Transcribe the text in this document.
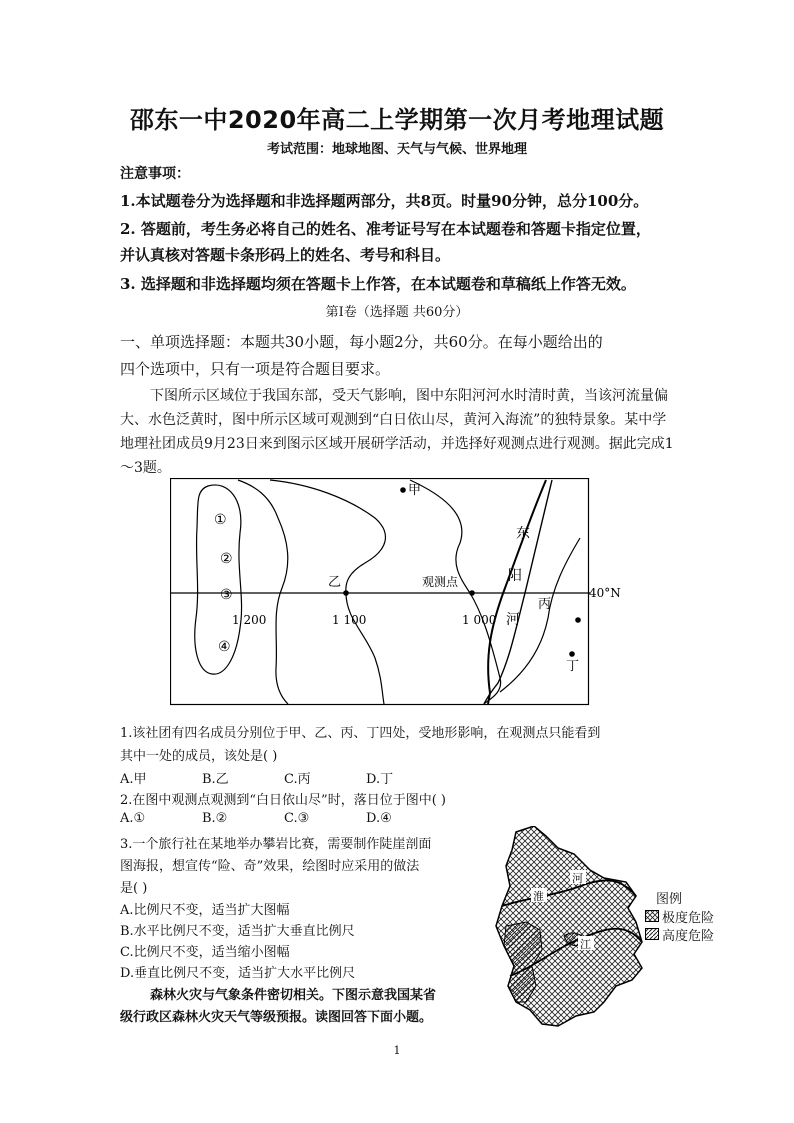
邵东一中2020年高二上学期第一次月考地理试题
考试范围：地球地图、天气与气候、世界地理
注意事项：
1.本试题卷分为选择题和非选择题两部分，共8页。时量90分钟，总分100分。
2. 答题前，考生务必将自己的姓名、准考证号写在本试题卷和答题卡指定位置，
并认真核对答题卡条形码上的姓名、考号和科目。
3. 选择题和非选择题均须在答题卡上作答，在本试题卷和草稿纸上作答无效。
第Ⅰ卷（选择题 共60分）
一、单项选择题：本题共30小题，每小题2分，共60分。在每小题给出的
四个选项中，只有一项是符合题目要求。
下图所示区域位于我国东部，受天气影响，图中东阳河河水时清时黄，当该河流量偏大、水色泛黄时，图中所示区域可观测到“白日依山尽，黄河入海流”的独特景象。某中学地理社团成员9月23日来到图示区域开展研学活动，并选择好观测点进行观测。据此完成1～3题。
甲
乙	观测点
丙
丁
40°N
东
阳
河
1 200	1 100	1 000
①
②
③
④
1.该社团有四名成员分别位于甲、乙、丙、丁四处，受地形影响，在观测点只能看到
其中一处的成员，该处是( )
A.甲	B.乙	C.丙	D.丁
2.在图中观测点观测到“白日依山尽”时，落日位于图中( )
A.①	B.②	C.③	D.④
3.一个旅行社在某地举办攀岩比赛，需要制作陡崖剖面
图海报，想宣传“险、奇”效果，绘图时应采用的做法
是( )
A.比例尺不变，适当扩大图幅
B.水平比例尺不变，适当扩大垂直比例尺
C.比例尺不变，适当缩小图幅
D.垂直比例尺不变，适当扩大水平比例尺
森林火灾与气象条件密切相关。下图示意我国某省
级行政区森林火灾天气等级预报。读图回答下面小题。
淮
河
江
图例
极度危险
高度危险
1
